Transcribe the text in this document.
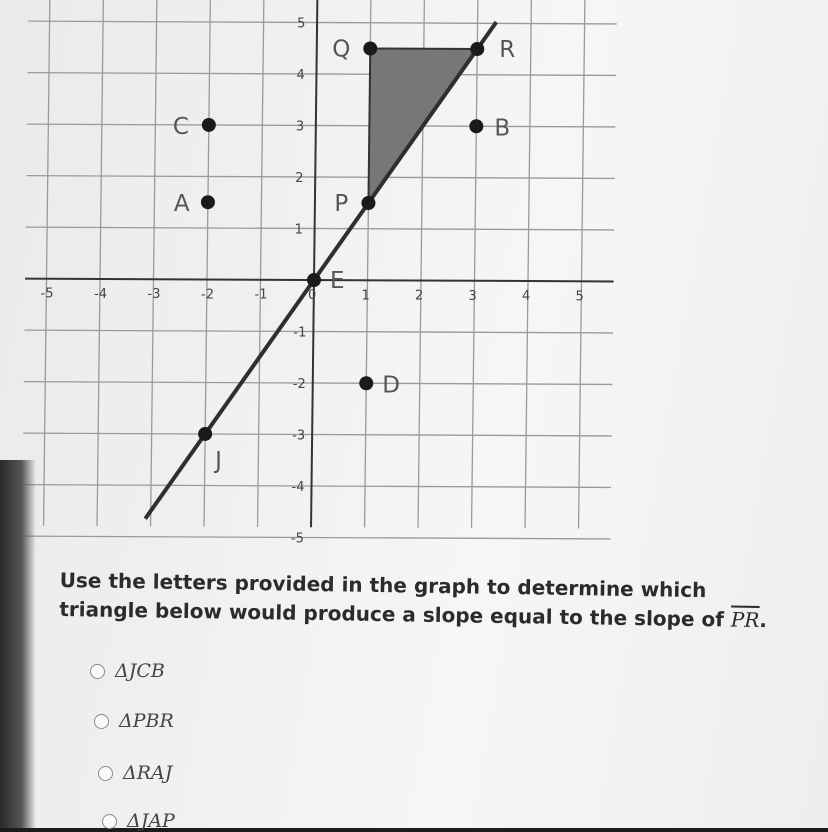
-5	-4	-3	-2	-1	0	1	2	3	4	5
5
4
3
2
1
-1
-2
-3
-4
-5
Q	R
C	B
A	P
E
D
J
Use the letters provided in the graph to determine which triangle below would produce a slope equal to the slope of $\overline{PR}$.
ΔJCB
ΔPBR
ΔRAJ
ΔJAP
